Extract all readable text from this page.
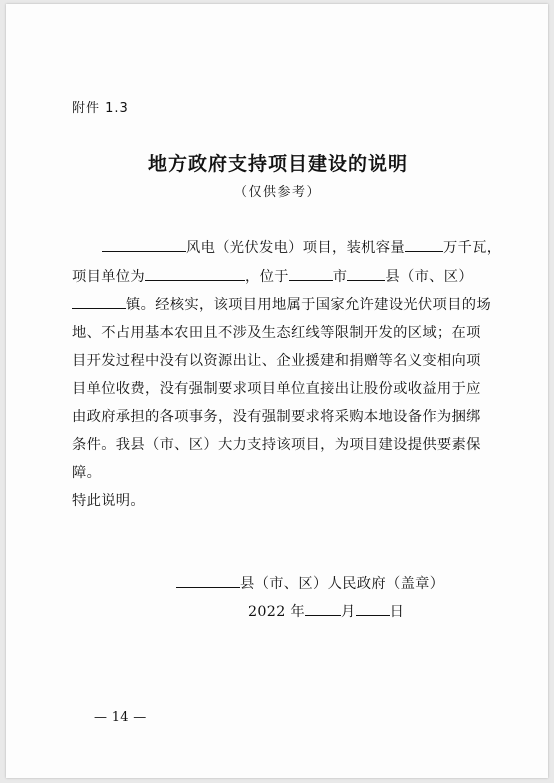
附件 1.3
地方政府支持项目建设的说明
（仅供参考）
风电（光伏发电）项目，装机容量	万千瓦，
项目单位为	，位于	市	县（市、区）
镇。经核实，该项目用地属于国家允许建设光伏项目的场
地、不占用基本农田且不涉及生态红线等限制开发的区域；在项
目开发过程中没有以资源出让、企业援建和捐赠等名义变相向项
目单位收费，没有强制要求项目单位直接出让股份或收益用于应
由政府承担的各项事务，没有强制要求将采购本地设备作为捆绑
条件。我县（市、区）大力支持该项目，为项目建设提供要素保
障。
特此说明。
县（市、区）人民政府（盖章）
2022 年	月 日
— 14 —
